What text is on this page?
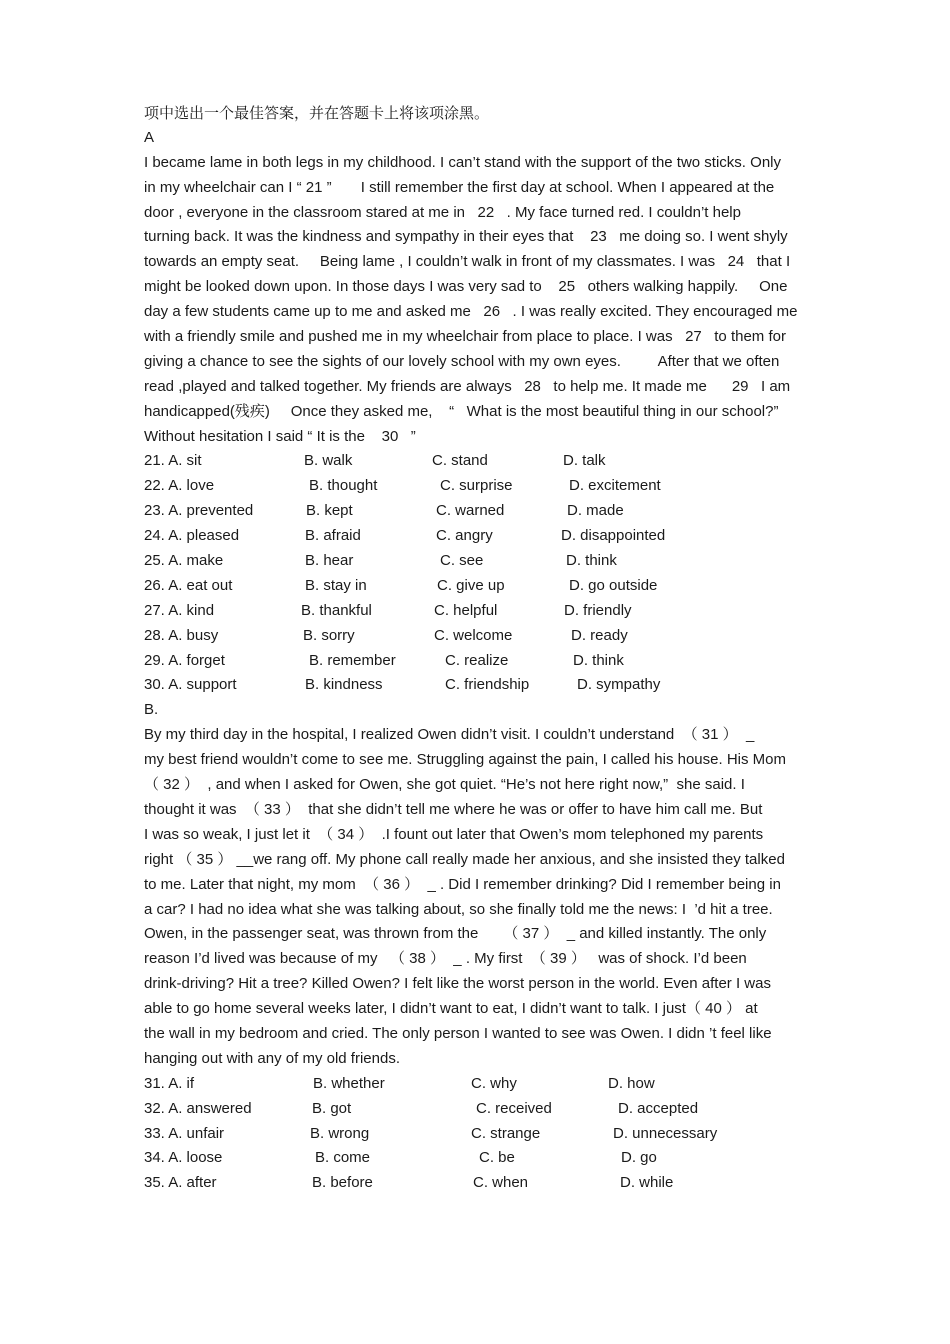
项中选出一个最佳答案，并在答题卡上将该项涂黑。
A
I became lame in both legs in my childhood. I can’t stand with the support of the two sticks. Only
in my wheelchair can I “ 21 ”       I still remember the first day at school. When I appeared at the
door , everyone in the classroom stared at me in   22   . My face turned red. I couldn’t help
turning back. It was the kindness and sympathy in their eyes that    23   me doing so. I went shyly
towards an empty seat.     Being lame , I couldn’t walk in front of my classmates. I was   24   that I
might be looked down upon. In those days I was very sad to    25   others walking happily.     One
day a few students came up to me and asked me   26   . I was really excited. They encouraged me
with a friendly smile and pushed me in my wheelchair from place to place. I was   27   to them for
giving a chance to see the sights of our lovely school with my own eyes.         After that we often
read ,played and talked together. My friends are always   28   to help me. It made me      29   I am
handicapped(残疾)     Once they asked me,    “   What is the most beautiful thing in our school?”
Without hesitation I said “ It is the    30   ”
21. A. sit	B. walk	C. stand	D. talk
22. A. love	B. thought	C. surprise	D. excitement
23. A. prevented	B. kept	C. warned	D. made
24. A. pleased	B. afraid	C. angry	D. disappointed
25. A. make	B. hear	C. see	D. think
26. A. eat out	B. stay in	C. give up	D. go outside
27. A. kind	B. thankful	C. helpful	D. friendly
28. A. busy	B. sorry	C. welcome	D. ready
29. A. forget	B. remember	C. realize	D. think
30. A. support	B. kindness	C. friendship	D. sympathy
B.
By my third day in the hospital, I realized Owen didn’t visit. I couldn’t understand  （ 31 ）  _
my best friend wouldn’t come to see me. Struggling against the pain, I called his house. His Mom
（ 32 ）  , and when I asked for Owen, she got quiet. “He’s not here right now,”  she said. I
thought it was  （ 33 ）  that she didn’t tell me where he was or offer to have him call me. But
I was so weak, I just let it  （ 34 ）  .I fount out later that Owen’s mom telephoned my parents
right （ 35 ） __we rang off. My phone call really made her anxious, and she insisted they talked
to me. Later that night, my mom  （ 36 ）  _ . Did I remember drinking? Did I remember being in
a car? I had no idea what she was talking about, so she finally told me the news: I  ’d hit a tree.
Owen, in the passenger seat, was thrown from the      （ 37 ）  _ and killed instantly. The only
reason I’d lived was because of my   （ 38 ）  _ . My first  （ 39 ）   was of shock. I’d been
drink-driving? Hit a tree? Killed Owen? I felt like the worst person in the world. Even after I was
able to go home several weeks later, I didn’t want to eat, I didn’t want to talk. I just（ 40 ） at
the wall in my bedroom and cried. The only person I wanted to see was Owen. I didn ’t feel like
hanging out with any of my old friends.
31. A. if	B. whether	C. why	D. how
32. A. answered	B. got	C. received	D. accepted
33. A. unfair	B. wrong	C. strange	D. unnecessary
34. A. loose	B. come	C. be	D. go
35. A. after	B. before	C. when	D. while
